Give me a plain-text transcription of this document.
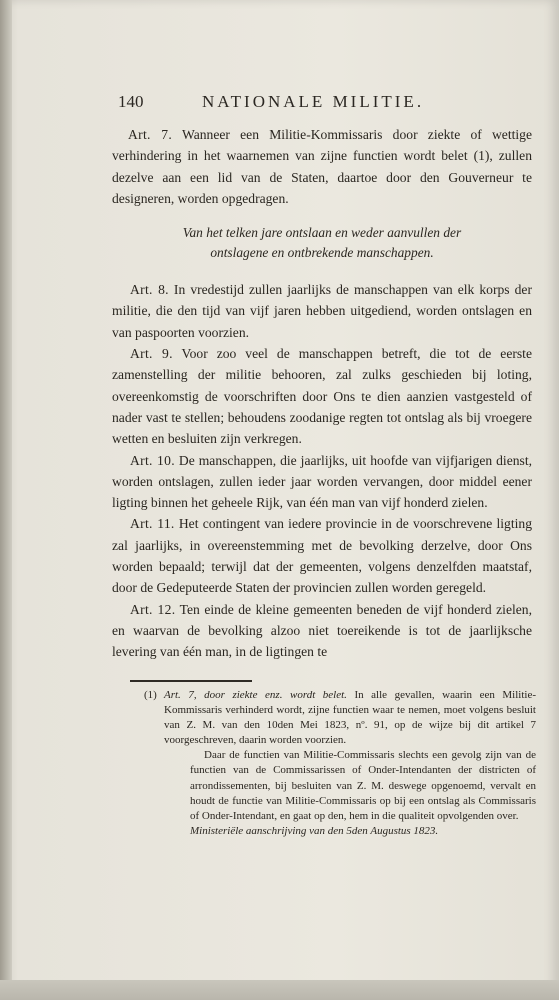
140	NATIONALE MILITIE.

Art. 7. Wanneer een Militie-Kommissaris door ziekte of wettige verhindering in het waarnemen van zijne functien wordt belet (1), zullen dezelve aan een lid van de Staten, daartoe door den Gouverneur te designeren, worden opgedragen.

Van het telken jare ontslaan en weder aanvullen der
ontslagene en ontbrekende manschappen.

Art. 8. In vredestijd zullen jaarlijks de manschappen van elk korps der militie, die den tijd van vijf jaren hebben uitgediend, worden ontslagen en van paspoorten voorzien.

Art. 9. Voor zoo veel de manschappen betreft, die tot de eerste zamenstelling der militie behooren, zal zulks geschieden bij loting, overeenkomstig de voorschriften door Ons te dien aanzien vastgesteld of nader vast te stellen; behoudens zoodanige regten tot ontslag als bij vroegere wetten en besluiten zijn verkregen.

Art. 10. De manschappen, die jaarlijks, uit hoofde van vijfjarigen dienst, worden ontslagen, zullen ieder jaar worden vervangen, door middel eener ligting binnen het geheele Rijk, van één man van vijf honderd zielen.

Art. 11. Het contingent van iedere provincie in de voorschrevene ligting zal jaarlijks, in overeenstemming met de bevolking derzelve, door Ons worden bepaald; terwijl dat der gemeenten, volgens denzelfden maatstaf, door de Gedeputeerde Staten der provincien zullen worden geregeld.

Art. 12. Ten einde de kleine gemeenten beneden de vijf honderd zielen, en waarvan de bevolking alzoo niet toereikende is tot de jaarlijksche levering van één man, in de ligtingen te

(1) Art. 7, door ziekte enz. wordt belet. In alle gevallen, waarin een Militie-Kommissaris verhinderd wordt, zijne functien waar te nemen, moet volgens besluit van Z. M. van den 10den Mei 1823, nº. 91, op de wijze bij dit artikel 7 voorgeschreven, daarin worden voorzien.

Daar de functien van Militie-Commissaris slechts een gevolg zijn van de functien van de Commissarissen of Onder-Intendanten der districten of arrondissementen, bij besluiten van Z. M. deswege opgenoemd, vervalt en houdt de functie van Militie-Commissaris op bij een ontslag als Commissaris of Onder-Intendant, en gaat op den, hem in die qualiteit opvolgenden over.
Ministeriële aanschrijving van den 5den Augustus 1823.
